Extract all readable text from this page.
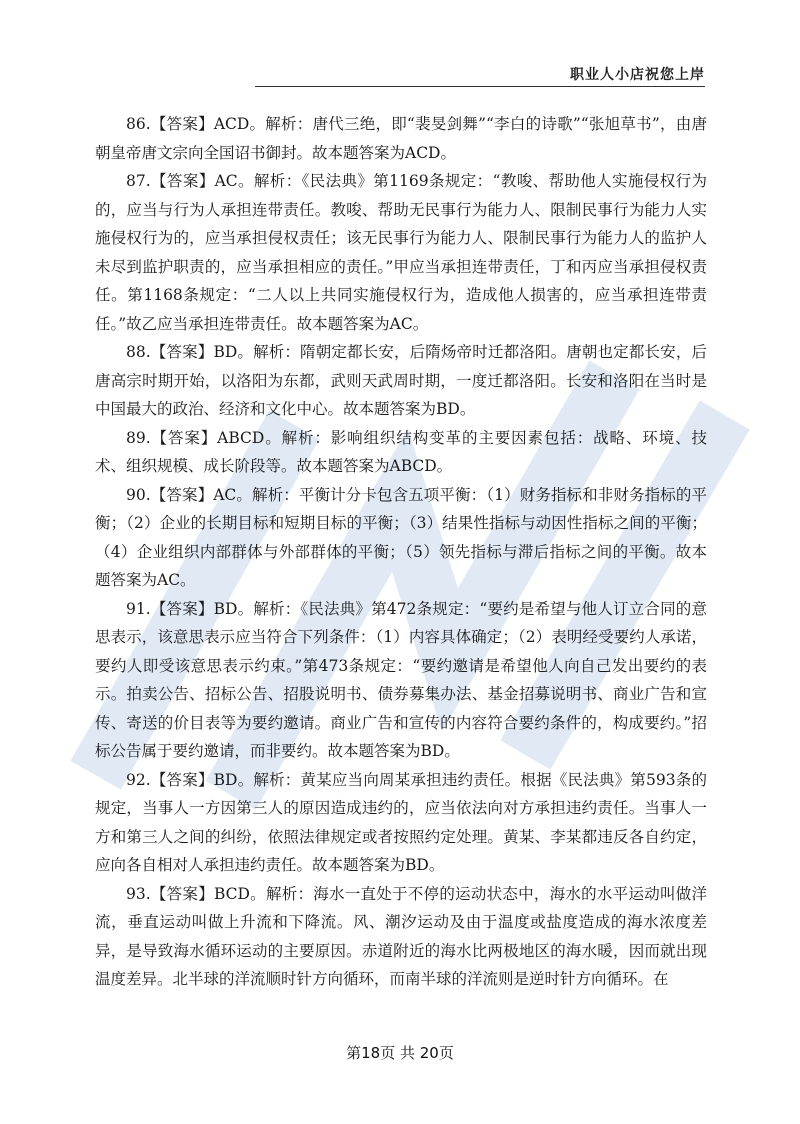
职业人小店祝您上岸

86.【答案】ACD。解析：唐代三绝，即“裴旻剑舞”“李白的诗歌”“张旭草书”，由唐朝皇帝唐文宗向全国诏书御封。故本题答案为ACD。

87.【答案】AC。解析：《民法典》第1169条规定：“教唆、帮助他人实施侵权行为的，应当与行为人承担连带责任。教唆、帮助无民事行为能力人、限制民事行为能力人实施侵权行为的，应当承担侵权责任；该无民事行为能力人、限制民事行为能力人的监护人未尽到监护职责的，应当承担相应的责任。”甲应当承担连带责任，丁和丙应当承担侵权责任。第1168条规定：“二人以上共同实施侵权行为，造成他人损害的，应当承担连带责任。”故乙应当承担连带责任。故本题答案为AC。

88.【答案】BD。解析：隋朝定都长安，后隋炀帝时迁都洛阳。唐朝也定都长安，后唐高宗时期开始，以洛阳为东都，武则天武周时期，一度迁都洛阳。长安和洛阳在当时是中国最大的政治、经济和文化中心。故本题答案为BD。

89.【答案】ABCD。解析：影响组织结构变革的主要因素包括：战略、环境、技术、组织规模、成长阶段等。故本题答案为ABCD。

90.【答案】AC。解析：平衡计分卡包含五项平衡：（1）财务指标和非财务指标的平衡；（2）企业的长期目标和短期目标的平衡；（3）结果性指标与动因性指标之间的平衡；（4）企业组织内部群体与外部群体的平衡；（5）领先指标与滞后指标之间的平衡。故本题答案为AC。

91.【答案】BD。解析：《民法典》第472条规定：“要约是希望与他人订立合同的意思表示，该意思表示应当符合下列条件：（1）内容具体确定；（2）表明经受要约人承诺，要约人即受该意思表示约束。”第473条规定：“要约邀请是希望他人向自己发出要约的表示。拍卖公告、招标公告、招股说明书、债券募集办法、基金招募说明书、商业广告和宣传、寄送的价目表等为要约邀请。商业广告和宣传的内容符合要约条件的，构成要约。”招标公告属于要约邀请，而非要约。故本题答案为BD。

92.【答案】BD。解析：黄某应当向周某承担违约责任。根据《民法典》第593条的规定，当事人一方因第三人的原因造成违约的，应当依法向对方承担违约责任。当事人一方和第三人之间的纠纷，依照法律规定或者按照约定处理。黄某、李某都违反各自约定，应向各自相对人承担违约责任。故本题答案为BD。

93.【答案】BCD。解析：海水一直处于不停的运动状态中，海水的水平运动叫做洋流，垂直运动叫做上升流和下降流。风、潮汐运动及由于温度或盐度造成的海水浓度差异，是导致海水循环运动的主要原因。赤道附近的海水比两极地区的海水暖，因而就出现温度差异。北半球的洋流顺时针方向循环，而南半球的洋流则是逆时针方向循环。在

第18页 共 20页
